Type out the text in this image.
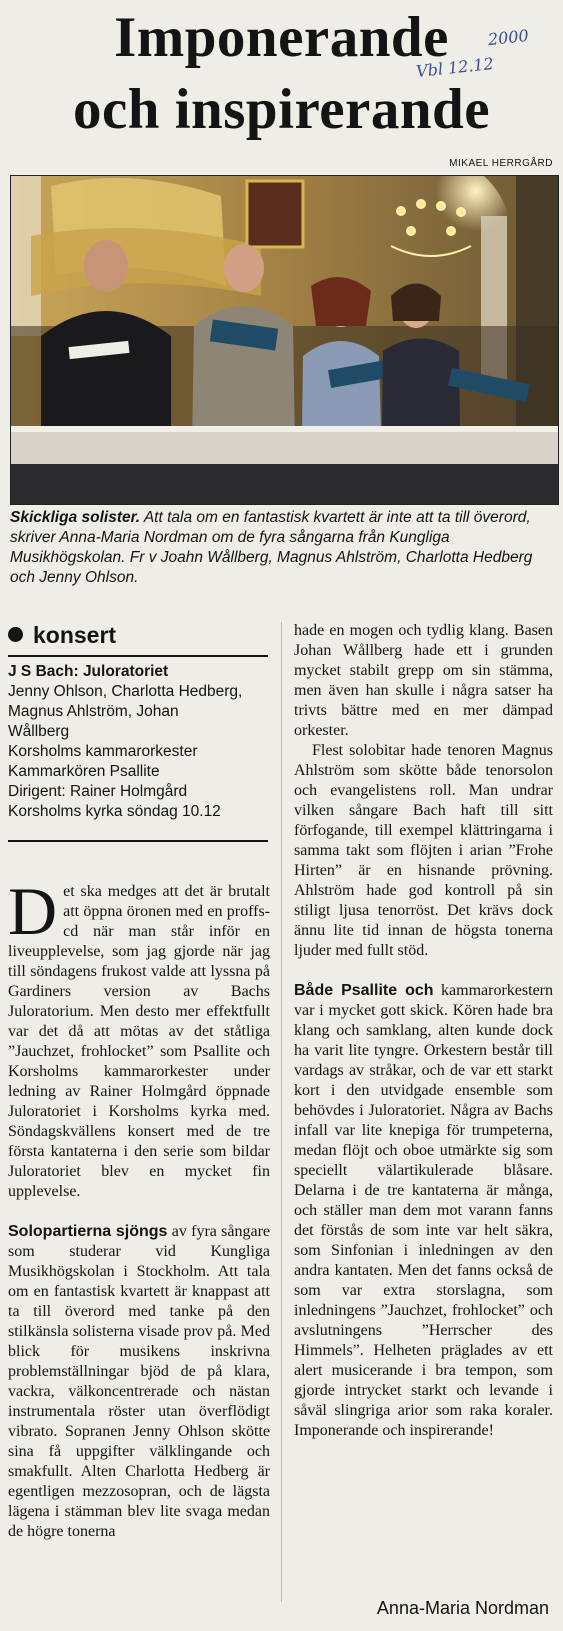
Imponerande
och inspirerande
2000
Vbl 12.12
MIKAEL HERRGÅRD

Skickliga solister. Att tala om en fantastisk kvartett är inte att ta till överord, skriver Anna-Maria Nordman om de fyra sångarna från Kungliga Musikhögskolan. Fr v Joahn Wållberg, Magnus Ahlström, Charlotta Hedberg och Jenny Ohlson.

konsert
J S Bach: Juloratoriet
Jenny Ohlson, Charlotta Hedberg,
Magnus Ahlström, Johan
Wållberg
Korsholms kammarorkester
Kammarkören Psallite
Dirigent: Rainer Holmgård
Korsholms kyrka söndag 10.12

Det ska medges att det är brutalt att öppna öronen med en proffs-cd när man står inför en liveupplevelse, som jag gjorde när jag till söndagens frukost valde att lyssna på Gardiners version av Bachs Juloratorium. Men desto mer effektfullt var det då att mötas av det ståtliga ”Jauchzet, frohlocket” som Psallite och Korsholms kammarorkester under ledning av Rainer Holmgård öppnade Juloratoriet i Korsholms kyrka med. Söndagskvällens konsert med de tre första kantaterna i den serie som bildar Juloratoriet blev en mycket fin upplevelse.

Solopartierna sjöngs av fyra sångare som studerar vid Kungliga Musikhögskolan i Stockholm. Att tala om en fantastisk kvartett är knappast att ta till överord med tanke på den stilkänsla solisterna visade prov på. Med blick för musikens inskrivna problemställningar bjöd de på klara, vackra, välkoncentrerade och nästan instrumentala röster utan överflödigt vibrato. Sopranen Jenny Ohlson skötte sina få uppgifter välklingande och smakfullt. Alten Charlotta Hedberg är egentligen mezzosopran, och de lägsta lägena i stämman blev lite svaga medan de högre tonerna

hade en mogen och tydlig klang. Basen Johan Wållberg hade ett i grunden mycket stabilt grepp om sin stämma, men även han skulle i några satser ha trivts bättre med en mer dämpad orkester.

Flest solobitar hade tenoren Magnus Ahlström som skötte både tenorsolon och evangelistens roll. Man undrar vilken sångare Bach haft till sitt förfogande, till exempel klättringarna i samma takt som flöjten i arian ”Frohe Hirten” är en hisnande prövning. Ahlström hade god kontroll på sin stiligt ljusa tenorröst. Det krävs dock ännu lite tid innan de högsta tonerna ljuder med fullt stöd.

Både Psallite och kammarorkestern var i mycket gott skick. Kören hade bra klang och samklang, alten kunde dock ha varit lite tyngre. Orkestern består till vardags av stråkar, och de var ett starkt kort i den utvidgade ensemble som behövdes i Juloratoriet. Några av Bachs infall var lite knepiga för trumpeterna, medan flöjt och oboe utmärkte sig som speciellt välartikulerade blåsare. Delarna i de tre kantaterna är många, och ställer man dem mot varann fanns det förstås de som inte var helt säkra, som Sinfonian i inledningen av den andra kantaten. Men det fanns också de som var extra storslagna, som inledningens ”Jauchzet, frohlocket” och avslutningens ”Herrscher des Himmels”. Helheten präglades av ett alert musicerande i bra tempon, som gjorde intrycket starkt och levande i såväl slingriga arior som raka koraler. Imponerande och inspirerande!

Anna-Maria Nordman
